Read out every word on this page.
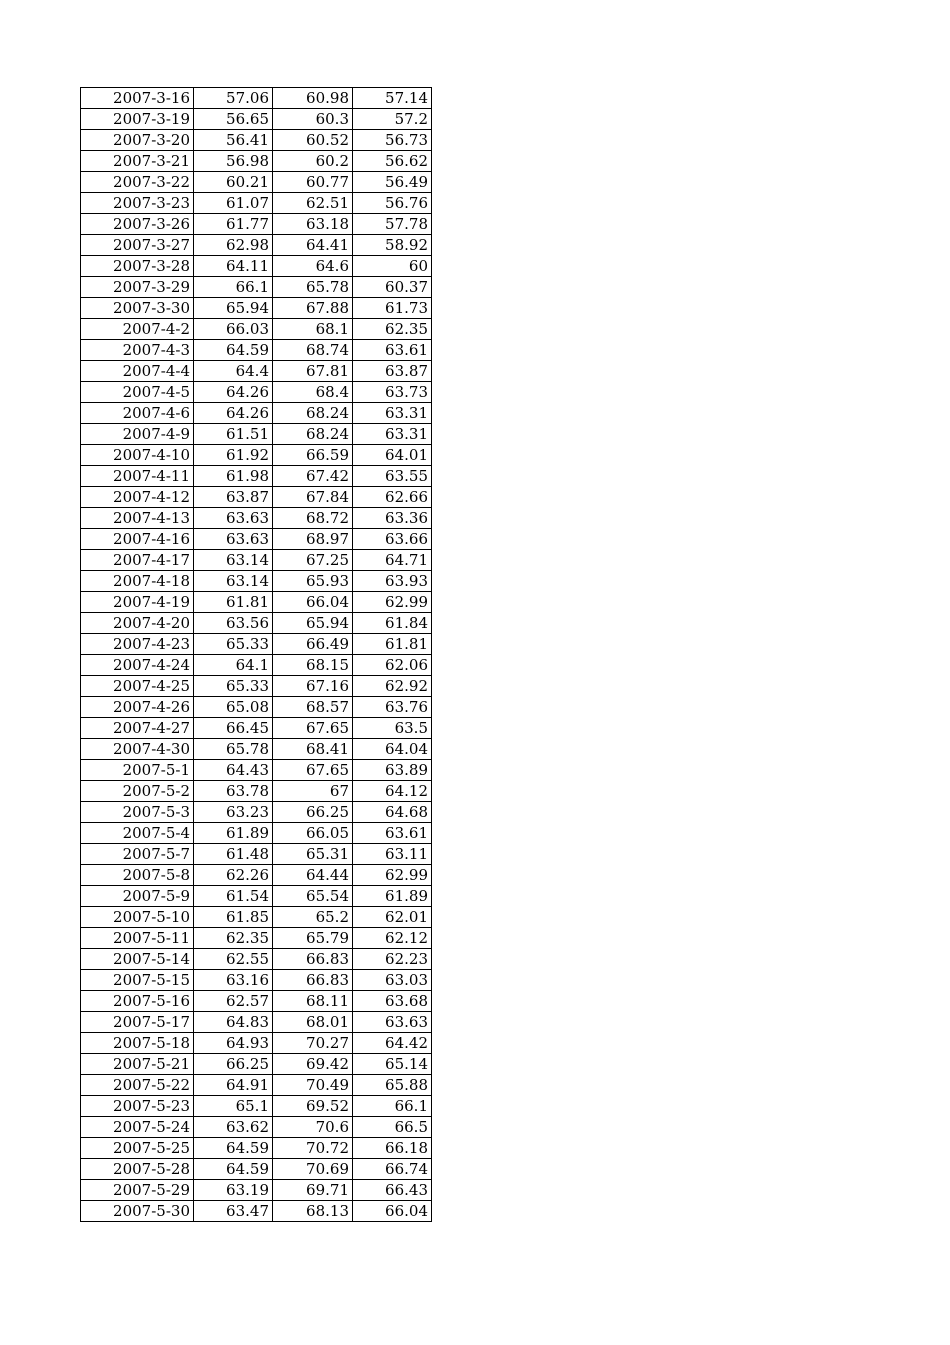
2007-3-16	57.06	60.98	57.14
2007-3-19	56.65	60.3	57.2
2007-3-20	56.41	60.52	56.73
2007-3-21	56.98	60.2	56.62
2007-3-22	60.21	60.77	56.49
2007-3-23	61.07	62.51	56.76
2007-3-26	61.77	63.18	57.78
2007-3-27	62.98	64.41	58.92
2007-3-28	64.11	64.6	60
2007-3-29	66.1	65.78	60.37
2007-3-30	65.94	67.88	61.73
2007-4-2	66.03	68.1	62.35
2007-4-3	64.59	68.74	63.61
2007-4-4	64.4	67.81	63.87
2007-4-5	64.26	68.4	63.73
2007-4-6	64.26	68.24	63.31
2007-4-9	61.51	68.24	63.31
2007-4-10	61.92	66.59	64.01
2007-4-11	61.98	67.42	63.55
2007-4-12	63.87	67.84	62.66
2007-4-13	63.63	68.72	63.36
2007-4-16	63.63	68.97	63.66
2007-4-17	63.14	67.25	64.71
2007-4-18	63.14	65.93	63.93
2007-4-19	61.81	66.04	62.99
2007-4-20	63.56	65.94	61.84
2007-4-23	65.33	66.49	61.81
2007-4-24	64.1	68.15	62.06
2007-4-25	65.33	67.16	62.92
2007-4-26	65.08	68.57	63.76
2007-4-27	66.45	67.65	63.5
2007-4-30	65.78	68.41	64.04
2007-5-1	64.43	67.65	63.89
2007-5-2	63.78	67	64.12
2007-5-3	63.23	66.25	64.68
2007-5-4	61.89	66.05	63.61
2007-5-7	61.48	65.31	63.11
2007-5-8	62.26	64.44	62.99
2007-5-9	61.54	65.54	61.89
2007-5-10	61.85	65.2	62.01
2007-5-11	62.35	65.79	62.12
2007-5-14	62.55	66.83	62.23
2007-5-15	63.16	66.83	63.03
2007-5-16	62.57	68.11	63.68
2007-5-17	64.83	68.01	63.63
2007-5-18	64.93	70.27	64.42
2007-5-21	66.25	69.42	65.14
2007-5-22	64.91	70.49	65.88
2007-5-23	65.1	69.52	66.1
2007-5-24	63.62	70.6	66.5
2007-5-25	64.59	70.72	66.18
2007-5-28	64.59	70.69	66.74
2007-5-29	63.19	69.71	66.43
2007-5-30	63.47	68.13	66.04
